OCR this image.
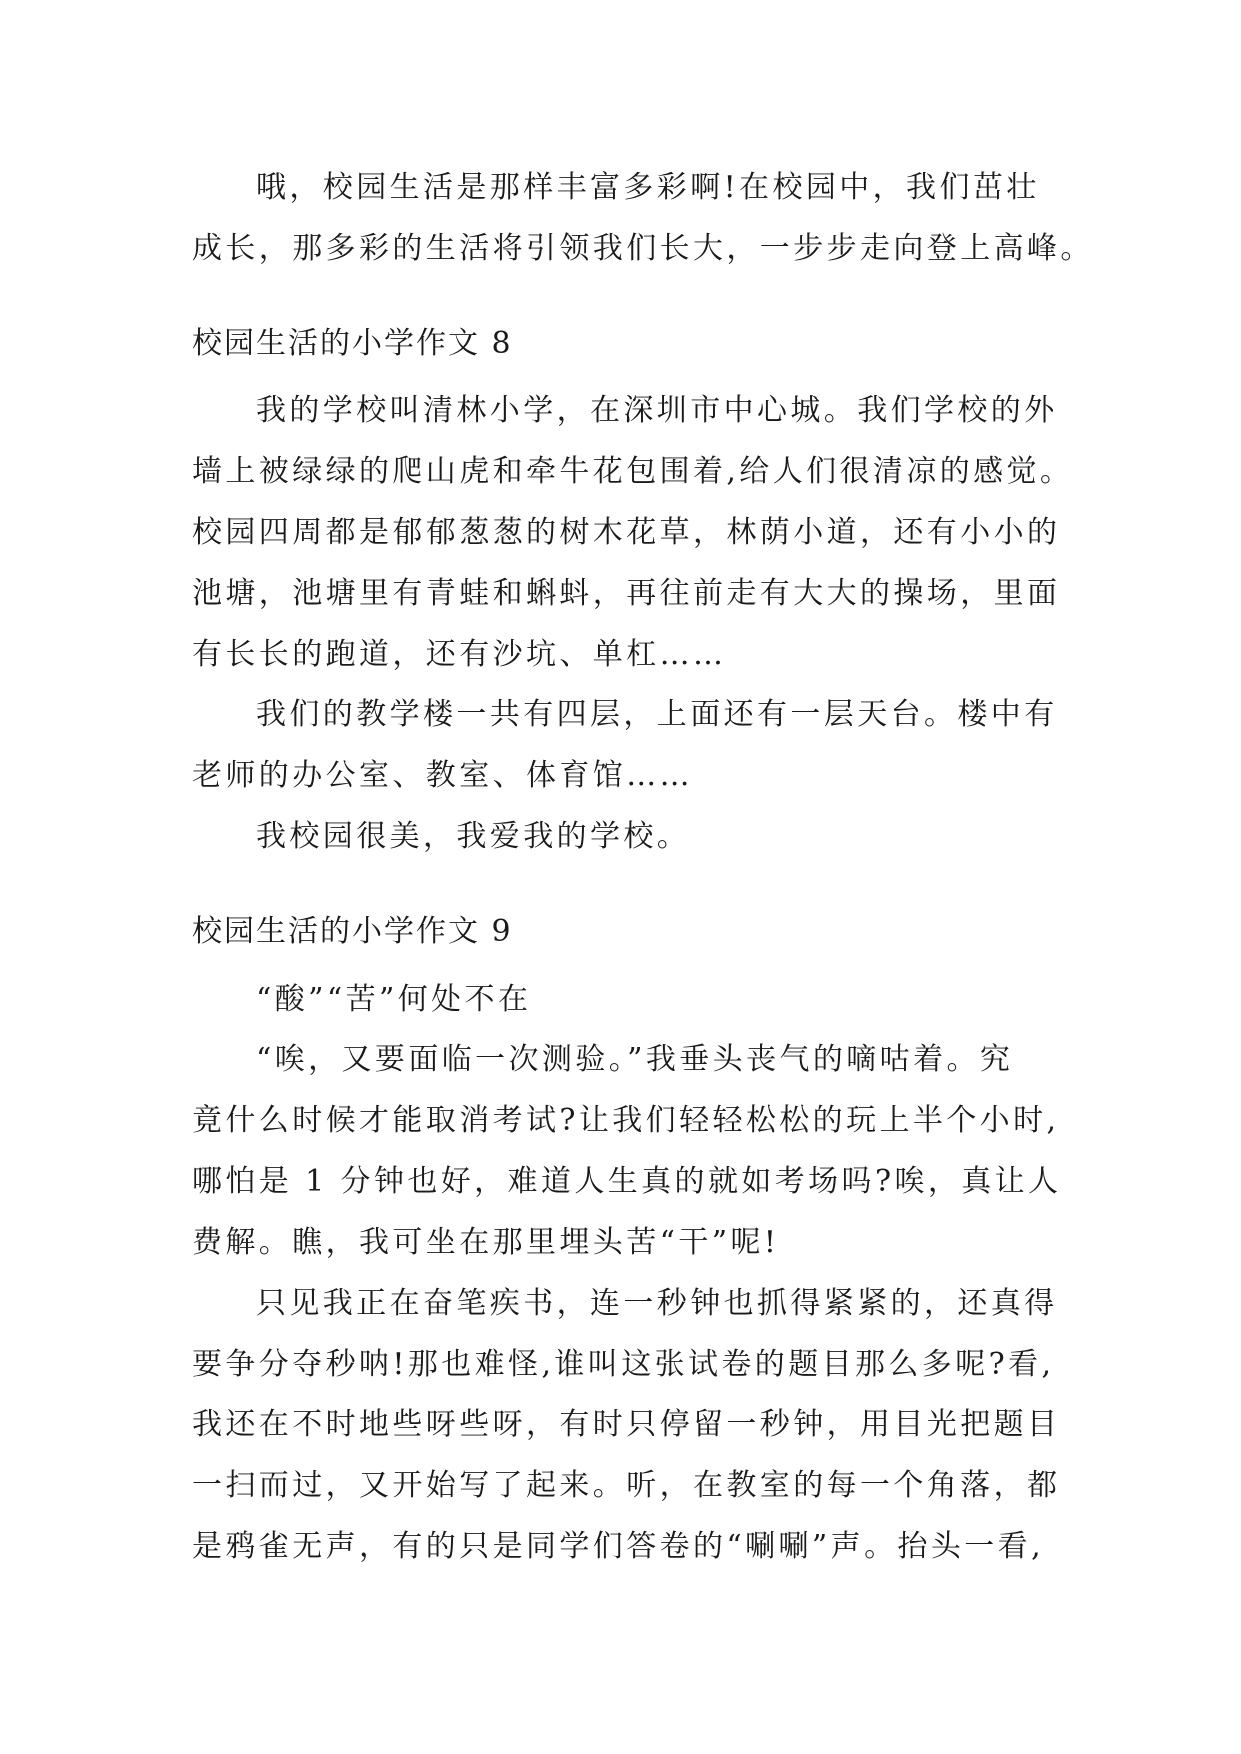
哦，校园生活是那样丰富多彩啊!在校园中，我们茁壮
成长，那多彩的生活将引领我们长大，一步步走向登上高峰。
校园生活的小学作文 8
我的学校叫清林小学，在深圳市中心城。我们学校的外
墙上被绿绿的爬山虎和牵牛花包围着,给人们很清凉的感觉。
校园四周都是郁郁葱葱的树木花草，林荫小道，还有小小的
池塘，池塘里有青蛙和蝌蚪，再往前走有大大的操场，里面
有长长的跑道，还有沙坑、单杠……
我们的教学楼一共有四层，上面还有一层天台。楼中有
老师的办公室、教室、体育馆……
我校园很美，我爱我的学校。
校园生活的小学作文 9
“酸”“苦”何处不在
“唉，又要面临一次测验。”我垂头丧气的嘀咕着。究
竟什么时候才能取消考试?让我们轻轻松松的玩上半个小时,
哪怕是 1 分钟也好，难道人生真的就如考场吗?唉，真让人
费解。瞧，我可坐在那里埋头苦“干”呢!
只见我正在奋笔疾书，连一秒钟也抓得紧紧的，还真得
要争分夺秒呐!那也难怪,谁叫这张试卷的题目那么多呢?看,
我还在不时地些呀些呀，有时只停留一秒钟，用目光把题目
一扫而过，又开始写了起来。听，在教室的每一个角落，都
是鸦雀无声，有的只是同学们答卷的“唰唰”声。抬头一看,
